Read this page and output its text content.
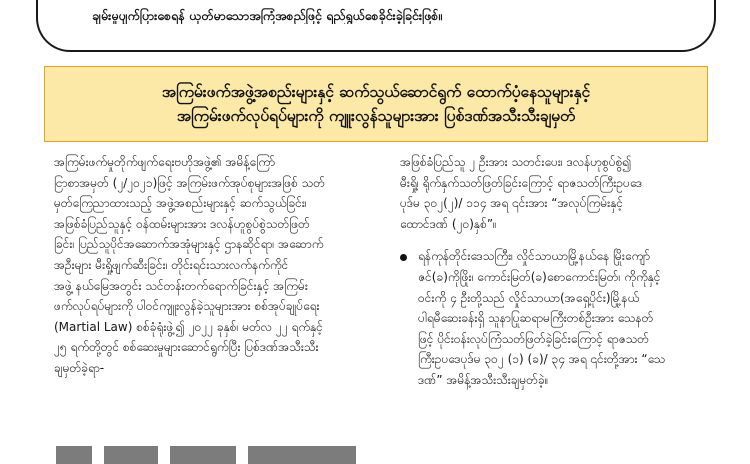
ချမ်းမှုပျက်ပြားစေရန် ယုတ်မာသောအကြံအစည်ဖြင့် ရည်ရွယ်စေခိုင်းခဲ့ခြင်းဖြစ်။
အကြမ်းဖက်အဖွဲ့အစည်းများနှင့် ဆက်သွယ်ဆောင်ရွက် ထောက်ပံ့နေသူများနှင့်
အကြမ်းဖက်လုပ်ရပ်များကို ကျူးလွန်သူများအား ပြစ်ဒဏ်အသီးသီးချမှတ်

အကြမ်းဖက်မှုတိုက်ဖျက်ရေးဗဟိုအဖွဲ့၏ အမိန့်ကြော်
ငြာစာအမှတ် (၂/၂၀၂၁)ဖြင့် အကြမ်းဖက်အုပ်စုများအဖြစ် သတ်
မှတ်ကြေညာထားသည့် အဖွဲ့အစည်းများနှင့် ဆက်သွယ်ခြင်း၊
အဖြစ်ခံပြည်သူနှင့် ဝန်ထမ်းများအား ဒလန်ဟူစွပ်စွဲသတ်ဖြတ်
ခြင်း၊ ပြည်သူပိုင်အဆောက်အအုံများနှင့် ဌာနဆိုင်ရာ၊ အဆောက်
အဦးများ မီးရှို့ဖျက်ဆီးခြင်း၊ တိုင်းရင်းသားလက်နက်ကိုင်
အဖွဲ့ နယ်မြေအတွင်း သင်တန်းတက်ရောက်ခြင်းနှင့် အကြမ်း
ဖက်လုပ်ရပ်များကို ပါဝင်ကျူးလွန်ခဲ့သူများအား စစ်အုပ်ချုပ်ရေး
(Martial Law) စစ်ခုံရုံးဖွဲ့၍ ၂၀၂၂ ခုနှစ်၊ မတ်လ ၂၂ ရက်နှင့်
၂၅ ရက်တို့တွင် စစ်ဆေးမှုများဆောင်ရွက်ပြီး ပြစ်ဒဏ်အသီးသီး
ချမှတ်ခဲ့ရာ-

အဖြစ်ခံပြည်သူ ၂ ဦးအား သတင်းပေး၊ ဒလန်ဟုစွပ်စွဲ၍
မီးရှို့၊ ရိုက်နှက်သတ်ဖြတ်ခြင်းကြောင့် ရာဇသတ်ကြီးဥပဒေ
ပုဒ်မ ၃၀၂(၂)/ ၁၁၄ အရ ၎င်းအား “အလုပ်ကြမ်းနှင့်
ထောင်ဒဏ် (၂၀)နှစ်”။

ရန်ကုန်တိုင်းဒေသကြီး၊ လှိုင်သာယာမြို့နယ်နေ မြိုးကျော်
ဇင်(ခ)ကိုဖြိုး၊ ကောင်းမြတ်(ခ)စောကောင်းမြတ်၊ ကိုကိုနှင့်
ဝင်းကို ၄ ဦးတို့သည် လှိုင်သာယာ(အရှေ့ပိုင်း)မြို့နယ်
ပါရမီဆေးခန်းရှိ သူနာပြုဆရာမကြီးတစ်ဦးအား သေနတ်
ဖြင့် ပိုင်းဝန်းလုပ်ကြံသတ်ဖြတ်ခဲ့ခြင်းကြောင့် ရာဇသတ်
ကြီးဥပဒေပုဒ်မ ၃၀၂ (၁) (ခ)/ ၃၄ အရ ၎င်းတို့အား “သေ
ဒဏ်” အမိန့်အသီးသီးချမှတ်ခဲ့။
